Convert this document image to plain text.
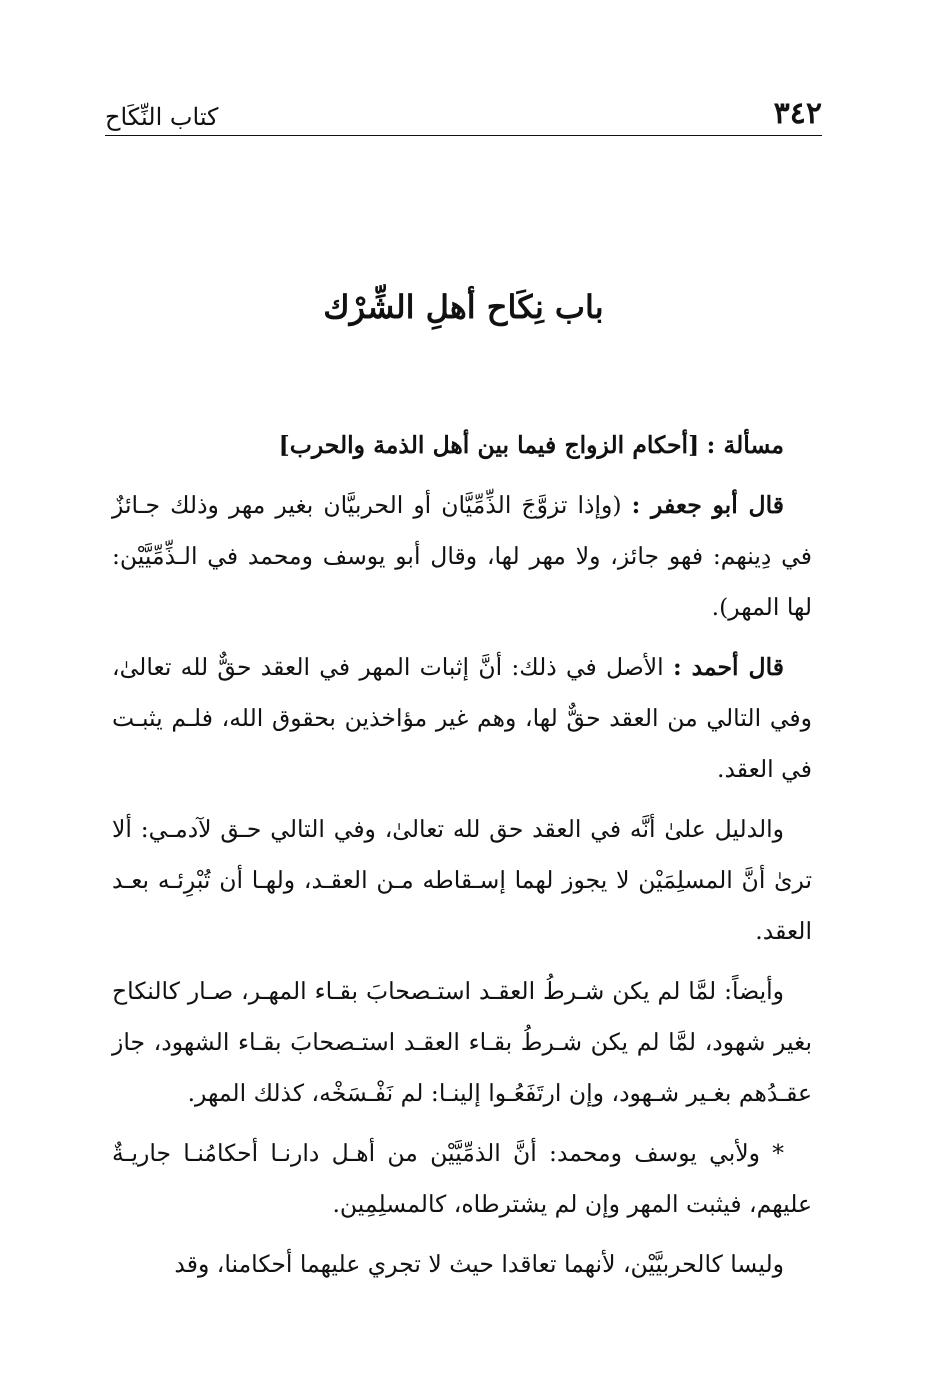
٣٤٢
كتاب النِّكَاح
باب نِكَاح أهلِ الشِّرْك

مسألة : [أحكام الزواج فيما بين أهل الذمة والحرب]

قال أبو جعفر : (وإذا تزوَّجَ الذِّمِّيَّان أو الحربيَّان بغير مهر وذلك جـائزٌ في دِينهم: فهو جائز، ولا مهر لها، وقال أبو يوسف ومحمد في الـذِّمِّيَّيْن: لها المهر).

قال أحمد : الأصل في ذلك: أنَّ إثبات المهر في العقد حقٌّ لله تعالىٰ، وفي التالي من العقد حقٌّ لها، وهم غير مؤاخذين بحقوق الله، فلـم يثبـت في العقد.

والدليل علىٰ أنَّه في العقد حق لله تعالىٰ، وفي التالي حـق لآدمـي: ألا ترىٰ أنَّ المسلِمَيْن لا يجوز لهما إسـقاطه مـن العقـد، ولهـا أن تُبْرِئـه بعـد العقد.

وأيضاً: لمَّا لم يكن شـرطُ العقـد استـصحابَ بقـاء المهـر، صـار كالنكاح بغير شهود، لمَّا لم يكن شـرطُ بقـاء العقـد استـصحابَ بقـاء الشهود، جاز عقـدُهم بغـير شـهود، وإن ارتَفَعُـوا إلينـا: لم نَفْـسَخْه، كذلك المهر.

* ولأبي يوسف ومحمد: أنَّ الذمِّيَّيْن من أهـل دارنـا أحكامُنـا جاريـةٌ عليهم، فيثبت المهر وإن لم يشترطاه، كالمسلِمِين.

وليسا كالحربيَّيْن، لأنهما تعاقدا حيث لا تجري عليهما أحكامنا، وقد
